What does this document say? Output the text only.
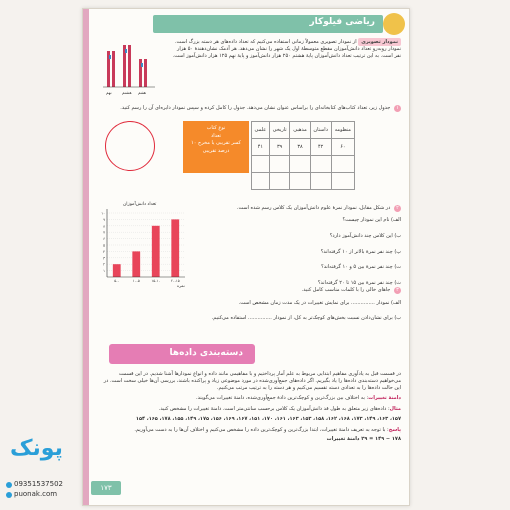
ریاضی فیلوکار
نهم	هشتم هفتم
نمودار تصویری از نمودار تصویری معمولاً زمانی استفاده می‌کنیم که تعداد داده‌های هر دسته بزرگ است.
نمودار روبه‌رو تعداد دانش‌آموزان مقطع متوسطهٔ اول یک شهر را نشان می‌دهد. هر آدمک نشان‌دهندهٔ ۵۰ هزار نفر است. به این ترتیب تعداد دانش‌آموزان پایهٔ هشتم ۲۵۰ هزار دانش‌آموز و پایهٔ نهم ۱۲۵ هزار دانش‌آموز است.
۱ جدول زیر، تعداد کتاب‌های کتابخانه‌ای را براساس عنوان نشان می‌دهد. جدول را کامل کرده و سپس نمودار دایره‌ای آن را رسم کنید.
منظومه	داستان	مذهبی	تاریخی	علمی
۶۰	۴۲	۳۸	۳۹	۴۱

نوع کتاب
تعداد
کسر تقریبی یا مخرج ۱۰
درصد تقریبی
۲ در شکل مقابل، نمودار نمرهٔ علوم دانش‌آموزان یک کلاس رسم شده است.
الف) نام این نمودار چیست؟
ب) این کلاس چند دانش‌آموز دارد؟
پ) چند نفر نمرهٔ بالاتر از ۱۰ گرفته‌اند؟
ت) چند نفر نمرهٔ بین ۵ و ۱۰ گرفته‌اند؟
ث) چند نفر نمرهٔ بین ۱۵ تا ۲۰ گرفته‌اند؟
تعداد دانش‌آموزان
۱
۲
۳
۴
۵
۶
۷
۸
۹
۱۰
۵-۰	۱۰-۵	۱۵-۱۰	۲۰-۱۵
نمره
۳ جاهای خالی را با کلمات مناسب کامل کنید.
الف) نمودار ............... برای نمایش تغییرات در یک مدت زمان مشخص است.
ب) برای نشان‌دادن نسبت بخش‌های کوچک‌تر به کل، از نمودار ............... استفاده می‌کنیم.
دسته‌بندی داده‌ها
در قسمت قبل به یادآوری مفاهیم ابتدایی مربوط به علم آمار پرداختیم و با مفاهیمی مانند داده و انواع نمودارها آشنا شدیم. در این قسمت می‌خواهیم دسته‌بندی داده‌ها را یاد بگیریم. اگر داده‌های جمع‌آوری‌شده در مورد موضوعی زیاد و پراکنده باشند، بررسی آن‌ها خیلی سخت است. در این حالت داده‌ها را به تعدادی دسته تقسیم می‌کنیم و هر دسته را به ترتیب مرتب می‌کنیم.
دامنهٔ تغییرات: به اختلاف بین بزرگ‌ترین و کوچک‌ترین دادهٔ جمع‌آوری‌شده، دامنهٔ تغییرات می‌گویند.
مثال: داده‌های زیر متعلق به طول قد دانش‌آموزان یک کلاس برحسب سانتی‌متر است. دامنهٔ تغییرات را مشخص کنید.
۱۵۷، ۱۶۳، ۱۴۹، ۱۷۳، ۱۶۸، ۱۶۲، ۱۵۸، ۱۵۳، ۱۶۳، ۱۶۱، ۱۷۰، ۱۵۱، ۱۶۷، ۱۶۹، ۱۵۶، ۱۷۵، ۱۴۹، ۱۵۵، ۱۷۸، ۱۶۵، ۱۵۴
پاسخ: با توجه به تعریف دامنهٔ تغییرات، ابتدا بزرگ‌ترین و کوچک‌ترین داده را مشخص می‌کنیم و اختلاف آن‌ها را به دست می‌آوریم.
۱۷۸ − ۱۴۹ = ۲۹ دامنهٔ تغییرات
۱۷۳
پونک
09351537502
puonak.com
